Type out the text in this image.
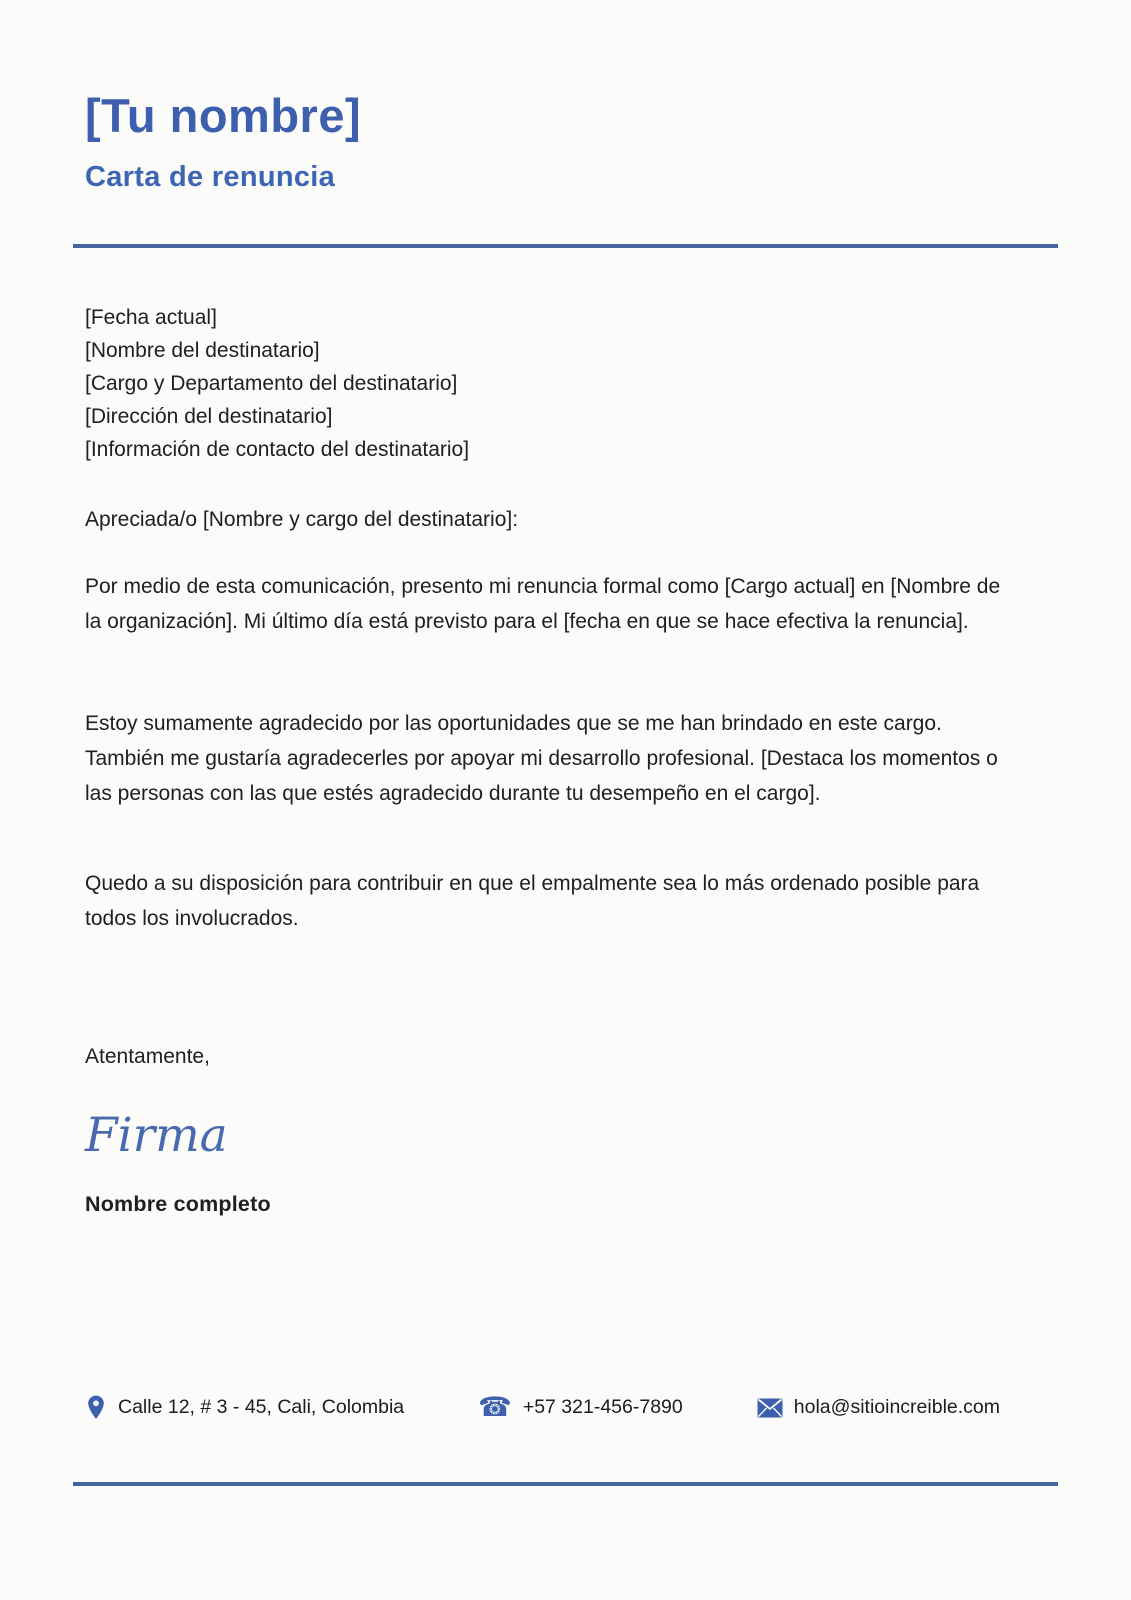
[Tu nombre]
Carta de renuncia
[Fecha actual]
[Nombre del destinatario]
[Cargo y Departamento del destinatario]
[Dirección del destinatario]
[Información de contacto del destinatario]

Apreciada/o [Nombre y cargo del destinatario]:

Por medio de esta comunicación, presento mi renuncia formal como [Cargo actual] en [Nombre de la organización]. Mi último día está previsto para el [fecha en que se hace efectiva la renuncia].

Estoy sumamente agradecido por las oportunidades que se me han brindado en este cargo. También me gustaría agradecerles por apoyar mi desarrollo profesional. [Destaca los momentos o las personas con las que estés agradecido durante tu desempeño en el cargo].

Quedo a su disposición para contribuir en que el empalmente sea lo más ordenado posible para todos los involucrados.

Atentamente,

Firma

Nombre completo

Calle 12, # 3 - 45, Cali, Colombia	☎ +57 321-456-7890	hola@sitioincreible.com
